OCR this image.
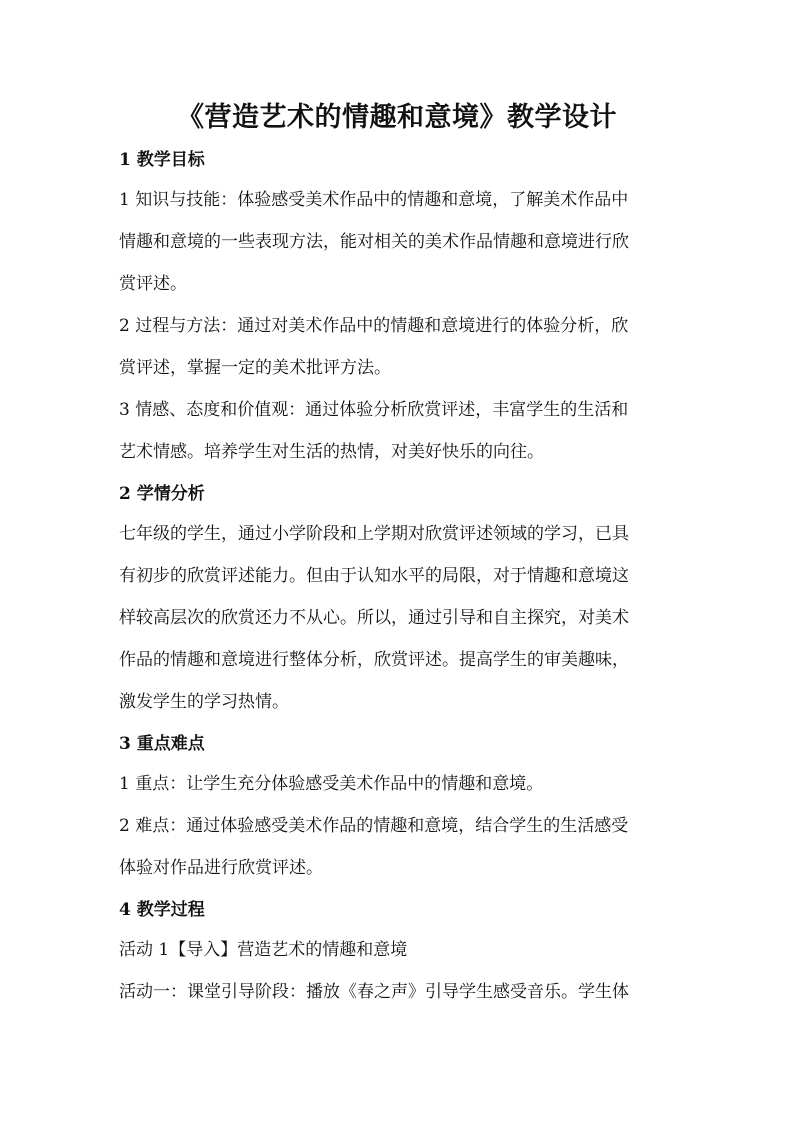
《营造艺术的情趣和意境》教学设计
1 教学目标
1 知识与技能：体验感受美术作品中的情趣和意境，了解美术作品中
情趣和意境的一些表现方法，能对相关的美术作品情趣和意境进行欣
赏评述。
2 过程与方法：通过对美术作品中的情趣和意境进行的体验分析，欣
赏评述，掌握一定的美术批评方法。
3 情感、态度和价值观：通过体验分析欣赏评述，丰富学生的生活和
艺术情感。培养学生对生活的热情，对美好快乐的向往。
2 学情分析
七年级的学生，通过小学阶段和上学期对欣赏评述领域的学习，已具
有初步的欣赏评述能力。但由于认知水平的局限，对于情趣和意境这
样较高层次的欣赏还力不从心。所以，通过引导和自主探究，对美术
作品的情趣和意境进行整体分析，欣赏评述。提高学生的审美趣味，
激发学生的学习热情。
3 重点难点
1 重点：让学生充分体验感受美术作品中的情趣和意境。
2 难点：通过体验感受美术作品的情趣和意境，结合学生的生活感受
体验对作品进行欣赏评述。
4 教学过程
活动 1【导入】营造艺术的情趣和意境
活动一：课堂引导阶段：播放《春之声》引导学生感受音乐。学生体
